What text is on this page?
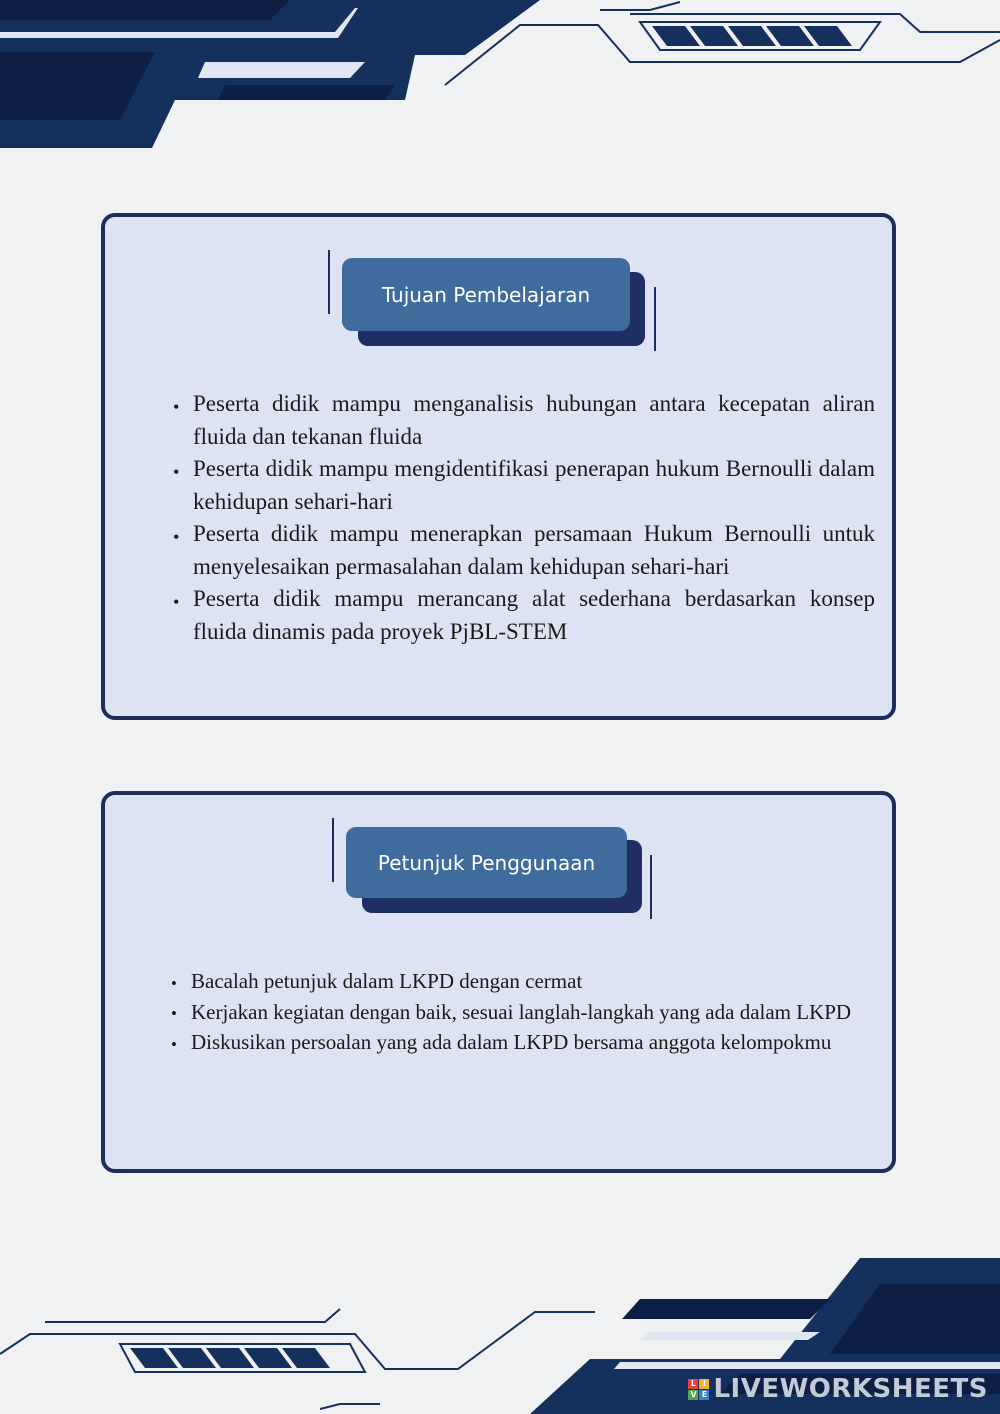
Tujuan Pembelajaran
• Peserta didik mampu menganalisis hubungan antara kecepatan aliran fluida dan tekanan fluida
• Peserta didik mampu mengidentifikasi penerapan hukum Bernoulli dalam kehidupan sehari-hari
• Peserta didik mampu menerapkan persamaan Hukum Bernoulli untuk menyelesaikan permasalahan dalam kehidupan sehari-hari
• Peserta didik mampu merancang alat sederhana berdasarkan konsep fluida dinamis pada proyek PjBL-STEM
Petunjuk Penggunaan
• Bacalah petunjuk dalam LKPD dengan cermat
• Kerjakan kegiatan dengan baik, sesuai langlah-langkah yang ada dalam LKPD
• Diskusikan persoalan yang ada dalam LKPD bersama anggota kelompokmu
L I
V E LIVEWORKSHEETS
